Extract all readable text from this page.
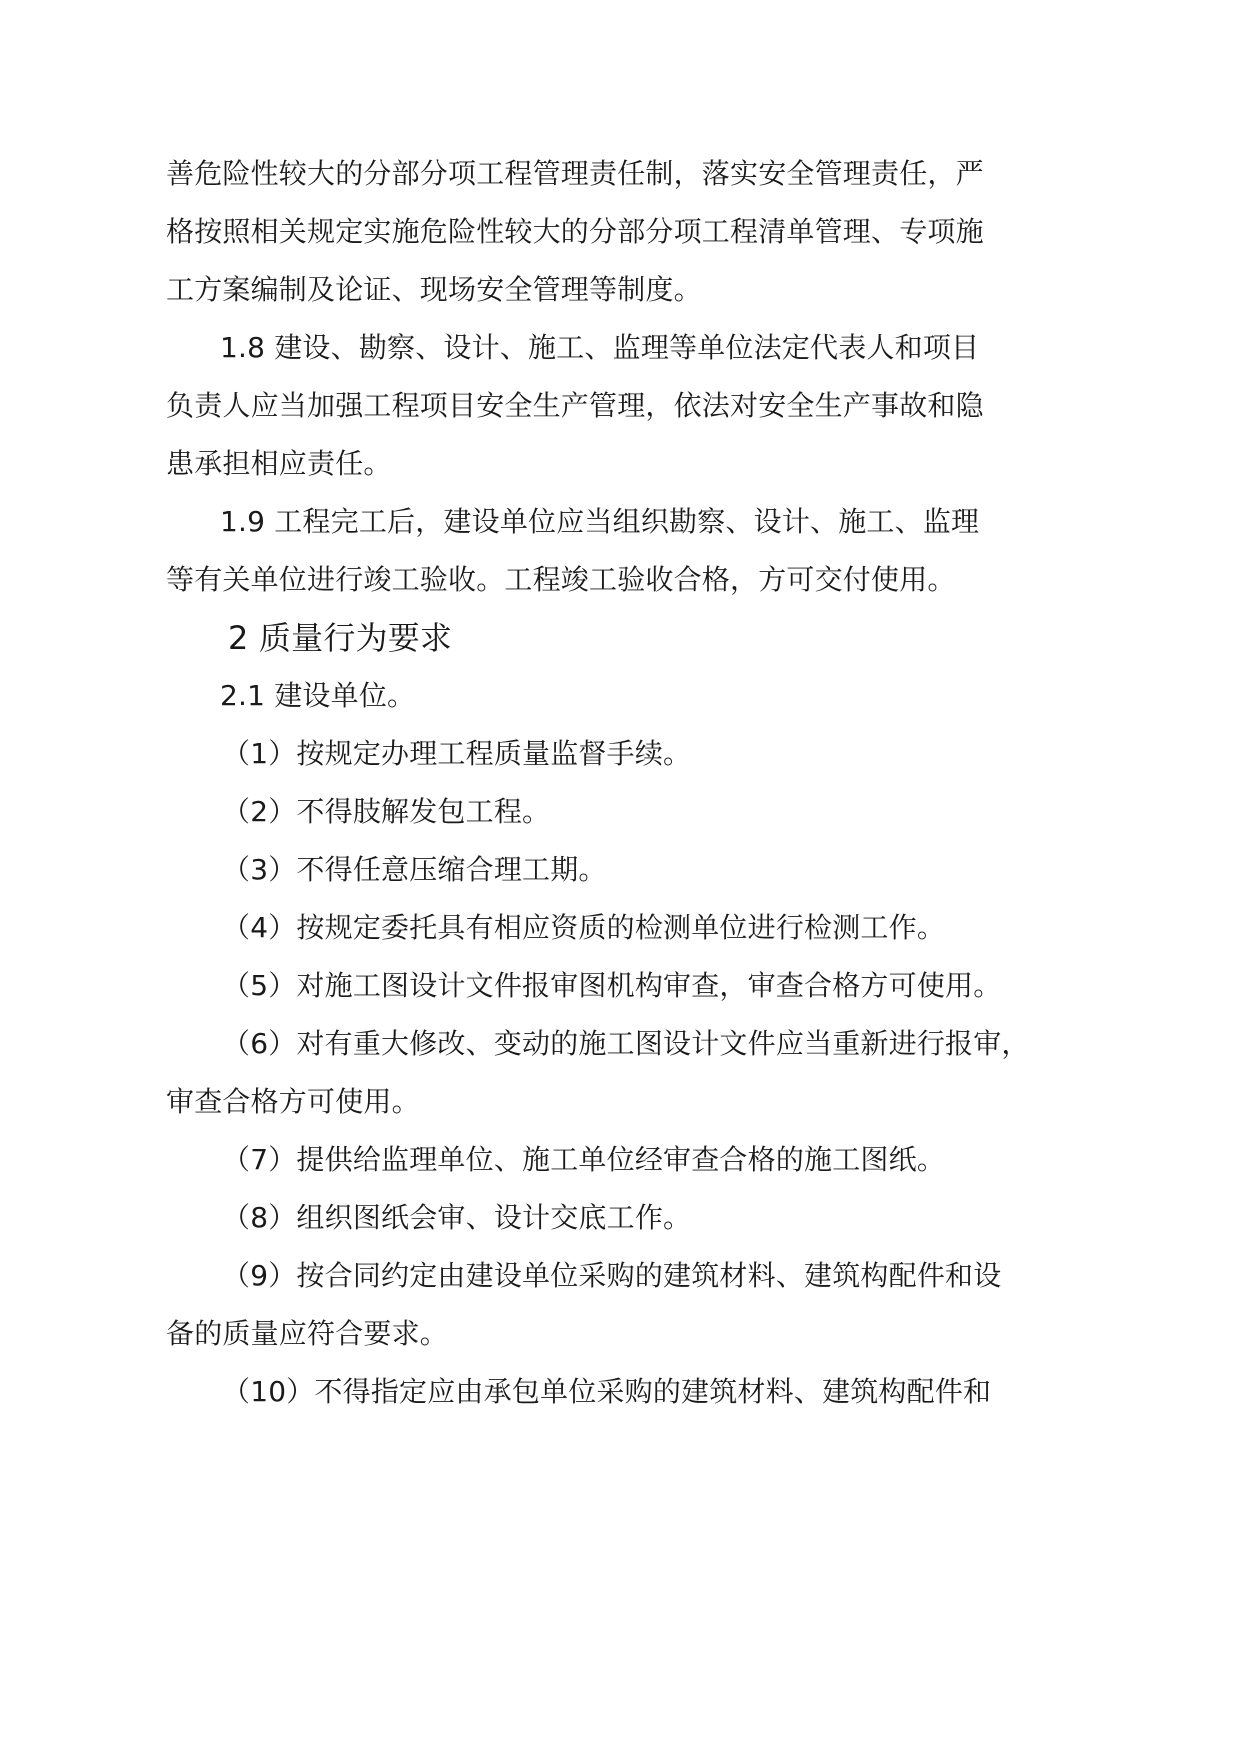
善危险性较大的分部分项工程管理责任制，落实安全管理责任，严
格按照相关规定实施危险性较大的分部分项工程清单管理、专项施
工方案编制及论证、现场安全管理等制度。
1.8 建设、勘察、设计、施工、监理等单位法定代表人和项目
负责人应当加强工程项目安全生产管理，依法对安全生产事故和隐
患承担相应责任。
1.9 工程完工后，建设单位应当组织勘察、设计、施工、监理
等有关单位进行竣工验收。工程竣工验收合格，方可交付使用。
2 质量行为要求
2.1 建设单位。
（1）按规定办理工程质量监督手续。
（2）不得肢解发包工程。
（3）不得任意压缩合理工期。
（4）按规定委托具有相应资质的检测单位进行检测工作。
（5）对施工图设计文件报审图机构审查，审查合格方可使用。
（6）对有重大修改、变动的施工图设计文件应当重新进行报审，
审查合格方可使用。
（7）提供给监理单位、施工单位经审查合格的施工图纸。
（8）组织图纸会审、设计交底工作。
（9）按合同约定由建设单位采购的建筑材料、建筑构配件和设
备的质量应符合要求。
（10）不得指定应由承包单位采购的建筑材料、建筑构配件和
